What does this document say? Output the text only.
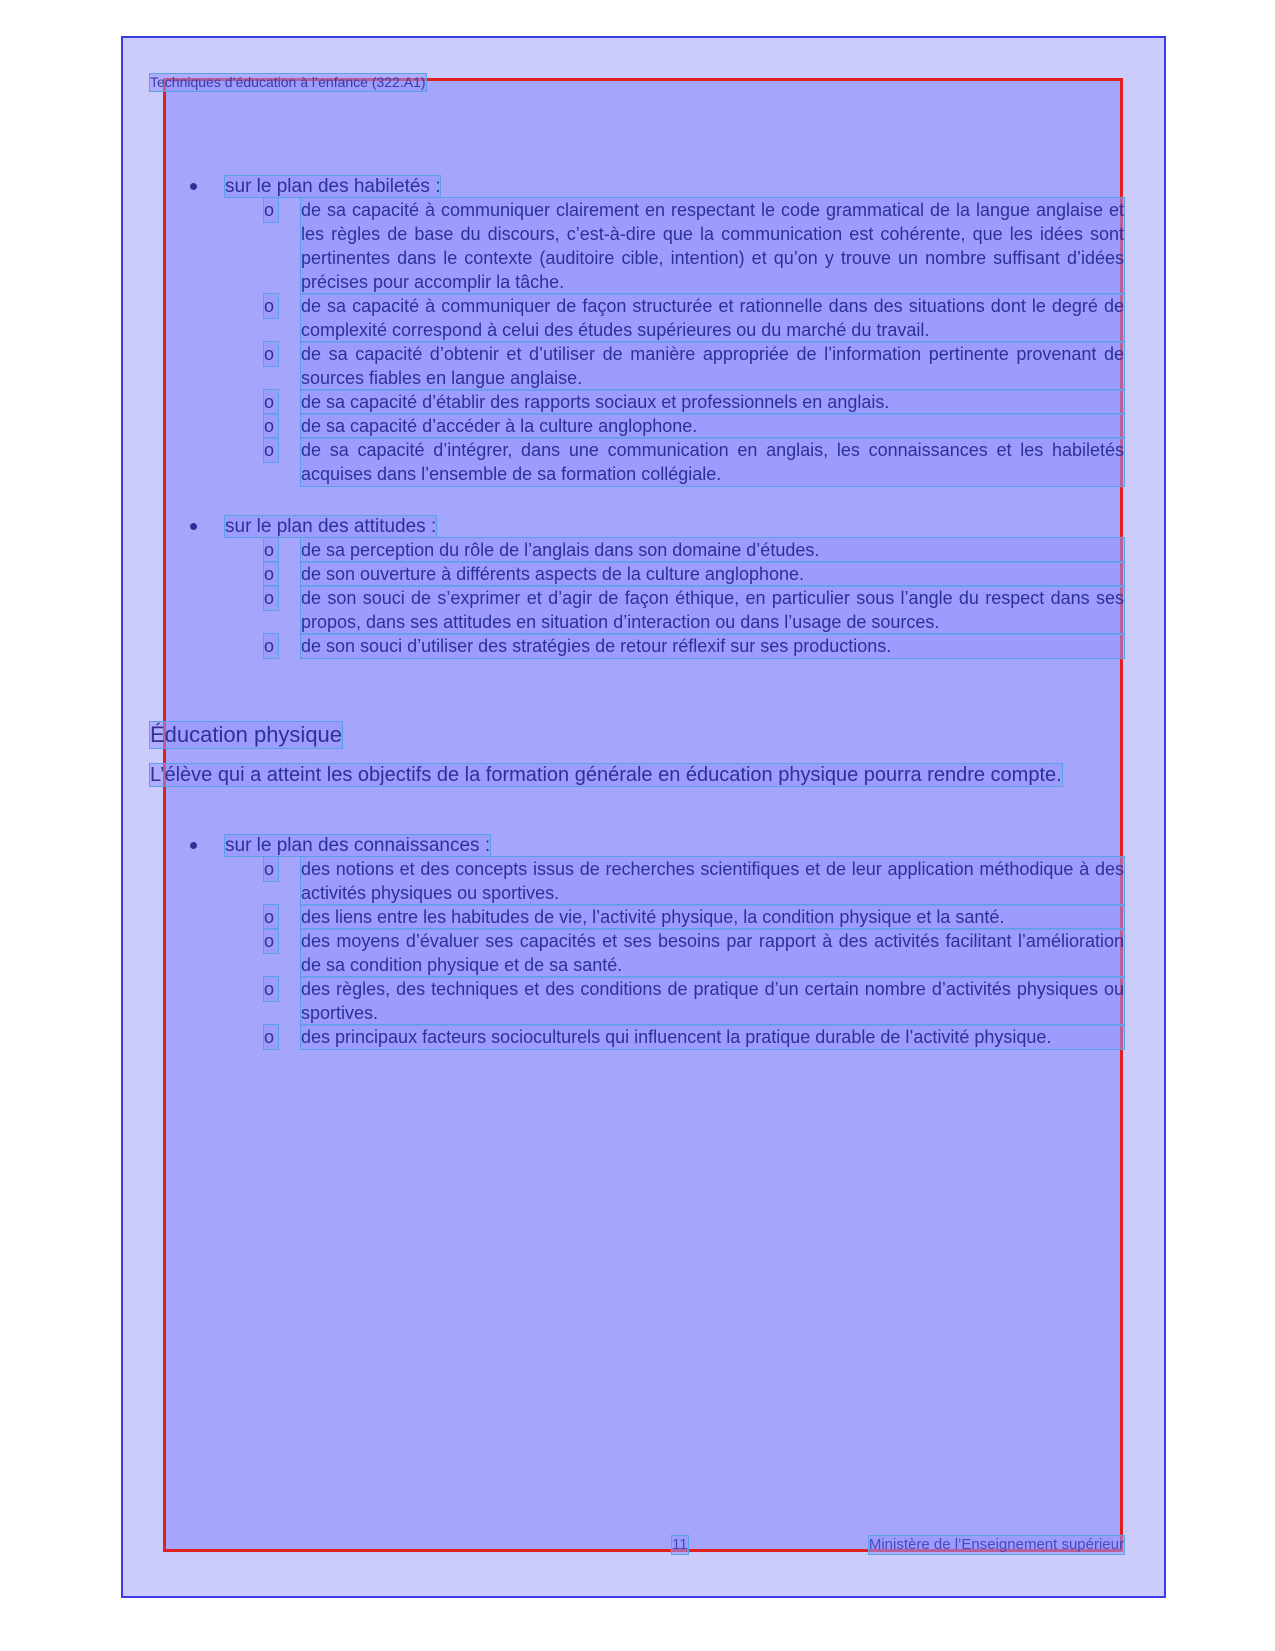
Techniques d’éducation à l’enfance (322.A1)
sur le plan des habiletés :
o de sa capacité à communiquer clairement en respectant le code grammatical de la langue anglaise et les règles de base du discours, c’est-à-dire que la communication est cohérente, que les idées sont pertinentes dans le contexte (auditoire cible, intention) et qu’on y trouve un nombre suffisant d’idées précises pour accomplir la tâche.
o de sa capacité à communiquer de façon structurée et rationnelle dans des situations dont le degré de complexité correspond à celui des études supérieures ou du marché du travail.
o de sa capacité d’obtenir et d’utiliser de manière appropriée de l’information pertinente provenant de sources fiables en langue anglaise.
o de sa capacité d’établir des rapports sociaux et professionnels en anglais.
o de sa capacité d’accéder à la culture anglophone.
o de sa capacité d’intégrer, dans une communication en anglais, les connaissances et les habiletés acquises dans l’ensemble de sa formation collégiale.
sur le plan des attitudes :
o de sa perception du rôle de l’anglais dans son domaine d’études.
o de son ouverture à différents aspects de la culture anglophone.
o de son souci de s’exprimer et d’agir de façon éthique, en particulier sous l’angle du respect dans ses propos, dans ses attitudes en situation d’interaction ou dans l’usage de sources.
o de son souci d’utiliser des stratégies de retour réflexif sur ses productions.
Éducation physique
L’élève qui a atteint les objectifs de la formation générale en éducation physique pourra rendre compte.
sur le plan des connaissances :
o des notions et des concepts issus de recherches scientifiques et de leur application méthodique à des activités physiques ou sportives.
o des liens entre les habitudes de vie, l’activité physique, la condition physique et la santé.
o des moyens d’évaluer ses capacités et ses besoins par rapport à des activités facilitant l’amélioration de sa condition physique et de sa santé.
o des règles, des techniques et des conditions de pratique d’un certain nombre d’activités physiques ou sportives.
o des principaux facteurs socioculturels qui influencent la pratique durable de l’activité physique.
11	Ministère de l’Enseignement supérieur
